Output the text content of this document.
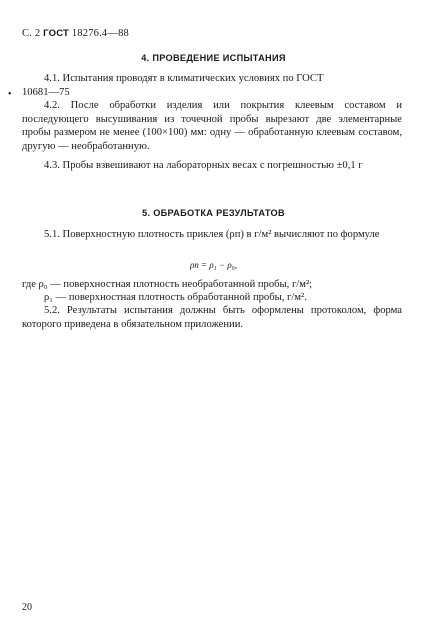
С. 2 ГОСТ 18276.4—88
4. ПРОВЕДЕНИЕ ИСПЫТАНИЯ
4.1. Испытания проводят в климатических условиях по ГОСТ
10681—75
•
4.2. После обработки изделия или покрытия клеевым составом и последующего высушивания из точечной пробы вырезают две элементарные пробы размером не менее (100×100) мм: одну — обработанную клеевым составом, другую — необработанную.
4.3. Пробы взвешивают на лабораторных весах с погрешностью ±0,1 г
5. ОБРАБОТКА РЕЗУЛЬТАТОВ
5.1. Поверхностную плотность приклея (ρп) в г/м² вычисляют по формуле
ρп = ρ₁ − ρ₀,
где ρ₀ — поверхностная плотность необработанной пробы, г/м²;
ρ₁ — поверхностная плотность обработанной пробы, г/м².
5.2. Результаты испытания должны быть оформлены протоколом, форма которого приведена в обязательном приложении.
20
